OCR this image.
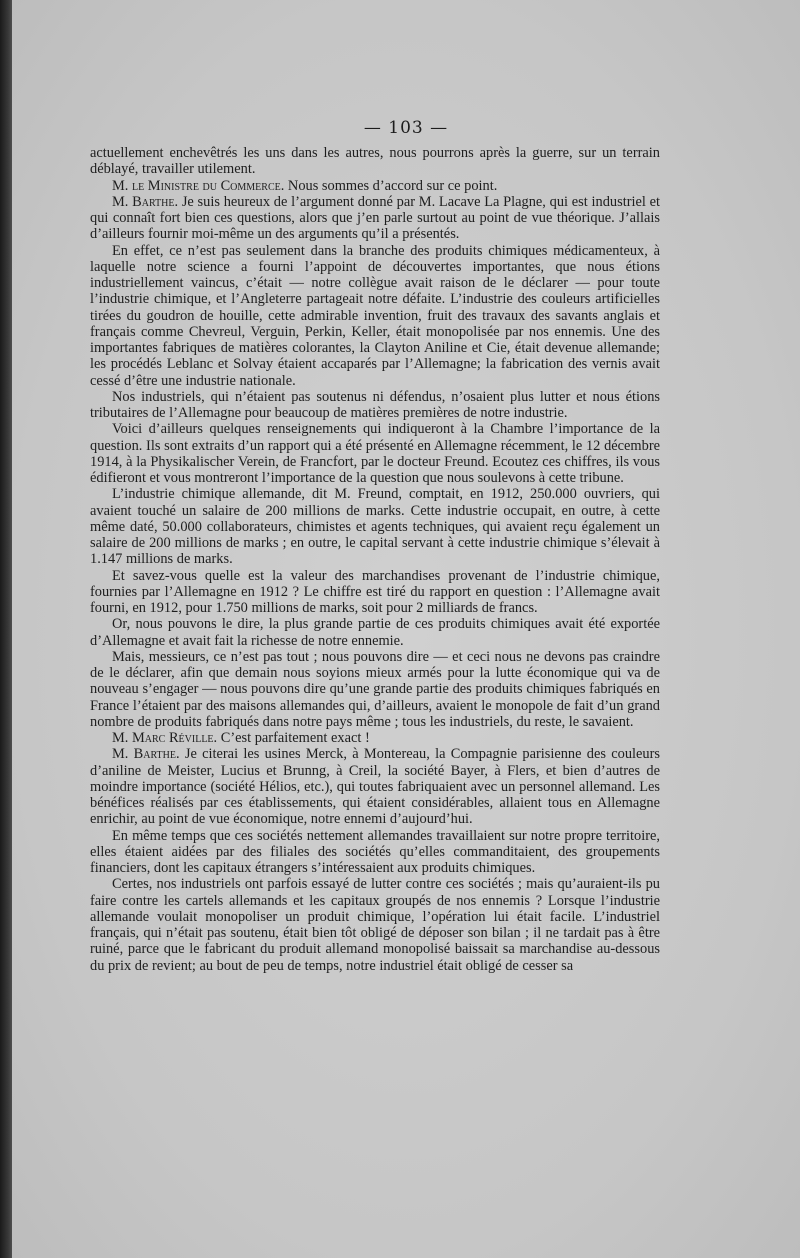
— 103 —

actuellement enchevêtrés les uns dans les autres, nous pourrons après la guerre, sur un terrain déblayé, travailler utilement.

M. le Ministre du Commerce. Nous sommes d’accord sur ce point.

M. Barthe. Je suis heureux de l’argument donné par M. Lacave La Plagne, qui est industriel et qui connaît fort bien ces questions, alors que j’en parle surtout au point de vue théorique. J’allais d’ailleurs fournir moi-même un des arguments qu’il a présentés.

En effet, ce n’est pas seulement dans la branche des produits chimiques médicamenteux, à laquelle notre science a fourni l’appoint de découvertes importantes, que nous étions industriellement vaincus, c’était — notre collègue avait raison de le déclarer — pour toute l’industrie chimique, et l’Angleterre partageait notre défaite. L’industrie des couleurs artificielles tirées du goudron de houille, cette admirable invention, fruit des travaux des savants anglais et français comme Chevreul, Verguin, Perkin, Keller, était monopolisée par nos ennemis. Une des importantes fabriques de matières colorantes, la Clayton Aniline et Cie, était devenue allemande; les procédés Leblanc et Solvay étaient accaparés par l’Allemagne; la fabrication des vernis avait cessé d’être une industrie nationale.

Nos industriels, qui n’étaient pas soutenus ni défendus, n’osaient plus lutter et nous étions tributaires de l’Allemagne pour beaucoup de matières premières de notre industrie.

Voici d’ailleurs quelques renseignements qui indiqueront à la Chambre l’importance de la question. Ils sont extraits d’un rapport qui a été présenté en Allemagne récemment, le 12 décembre 1914, à la Physikalischer Verein, de Francfort, par le docteur Freund. Ecoutez ces chiffres, ils vous édifieront et vous montreront l’importance de la question que nous soulevons à cette tribune.

L’industrie chimique allemande, dit M. Freund, comptait, en 1912, 250.000 ouvriers, qui avaient touché un salaire de 200 millions de marks. Cette industrie occupait, en outre, à cette même daté, 50.000 collaborateurs, chimistes et agents techniques, qui avaient reçu également un salaire de 200 millions de marks ; en outre, le capital servant à cette industrie chimique s’élevait à 1.147 millions de marks.

Et savez-vous quelle est la valeur des marchandises provenant de l’industrie chimique, fournies par l’Allemagne en 1912 ? Le chiffre est tiré du rapport en question : l’Allemagne avait fourni, en 1912, pour 1.750 millions de marks, soit pour 2 milliards de francs.

Or, nous pouvons le dire, la plus grande partie de ces produits chimiques avait été exportée d’Allemagne et avait fait la richesse de notre ennemie.

Mais, messieurs, ce n’est pas tout ; nous pouvons dire — et ceci nous ne devons pas craindre de le déclarer, afin que demain nous soyions mieux armés pour la lutte économique qui va de nouveau s’engager — nous pouvons dire qu’une grande partie des produits chimiques fabriqués en France l’étaient par des maisons allemandes qui, d’ailleurs, avaient le monopole de fait d’un grand nombre de produits fabriqués dans notre pays même ; tous les industriels, du reste, le savaient.

M. Marc Réville. C’est parfaitement exact !

M. Barthe. Je citerai les usines Merck, à Montereau, la Compagnie parisienne des couleurs d’aniline de Meister, Lucius et Brunng, à Creil, la société Bayer, à Flers, et bien d’autres de moindre importance (société Hélios, etc.), qui toutes fabriquaient avec un personnel allemand. Les bénéfices réalisés par ces établissements, qui étaient considérables, allaient tous en Allemagne enrichir, au point de vue économique, notre ennemi d’aujourd’hui.

En même temps que ces sociétés nettement allemandes travaillaient sur notre propre territoire, elles étaient aidées par des filiales des sociétés qu’elles commanditaient, des groupements financiers, dont les capitaux étrangers s’intéressaient aux produits chimiques.

Certes, nos industriels ont parfois essayé de lutter contre ces sociétés ; mais qu’auraient-ils pu faire contre les cartels allemands et les capitaux groupés de nos ennemis ? Lorsque l’industrie allemande voulait monopoliser un produit chimique, l’opération lui était facile. L’industriel français, qui n’était pas soutenu, était bien tôt obligé de déposer son bilan ; il ne tardait pas à être ruiné, parce que le fabricant du produit allemand monopolisé baissait sa marchandise au-dessous du prix de revient; au bout de peu de temps, notre industriel était obligé de cesser sa
